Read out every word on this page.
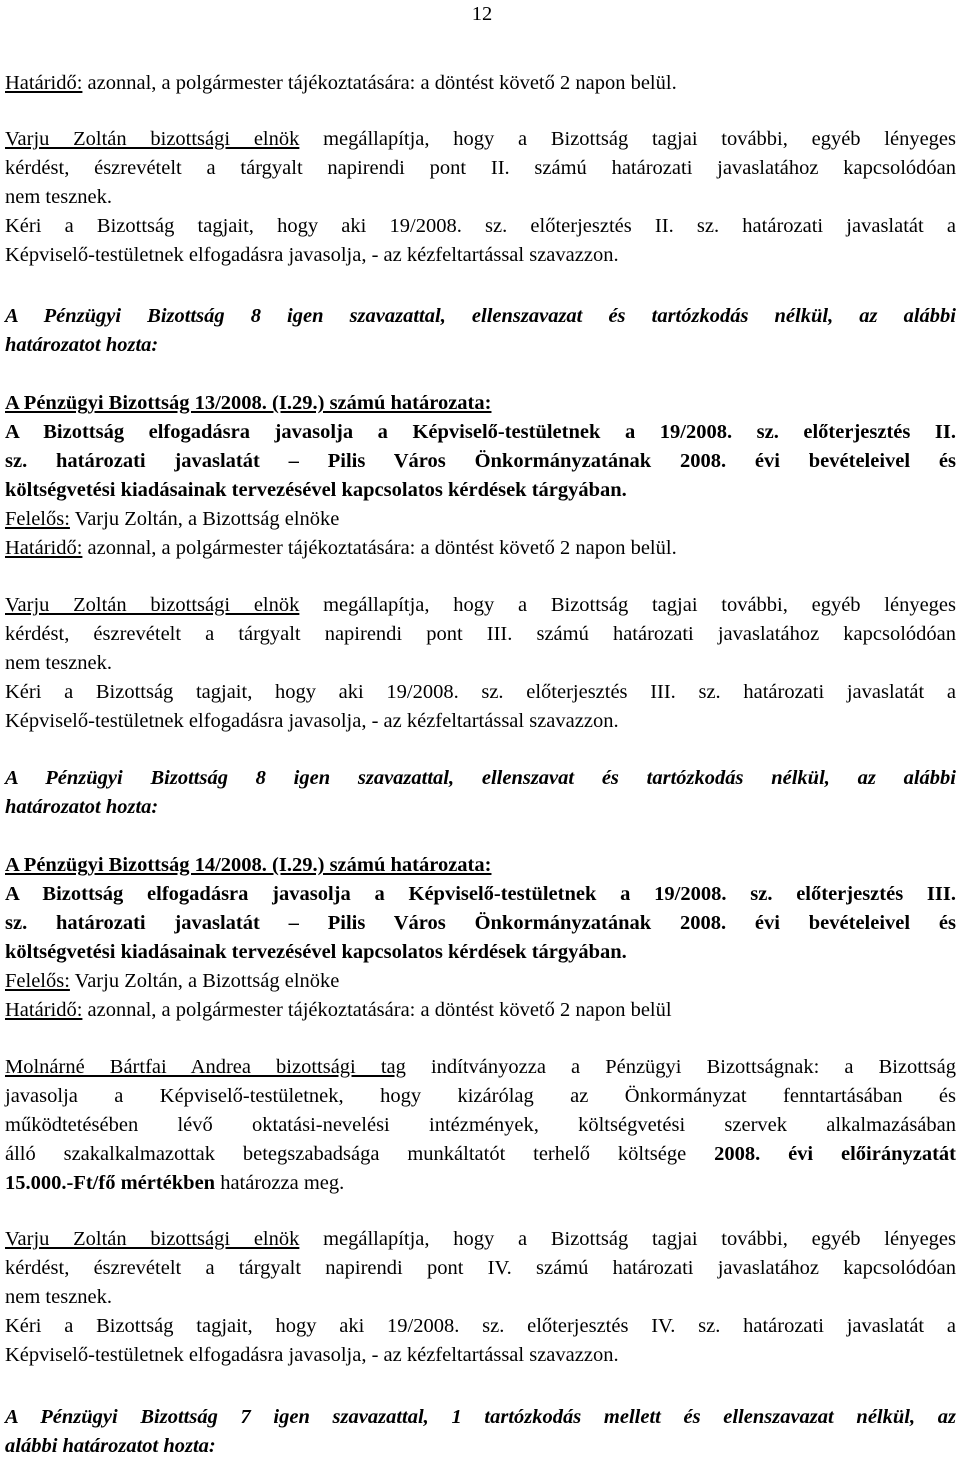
12

Határidő: azonnal, a polgármester tájékoztatására: a döntést követő 2 napon belül.

Varju Zoltán bizottsági elnök megállapítja, hogy a Bizottság tagjai további, egyéb lényeges

kérdést, észrevételt a tárgyalt napirendi pont II. számú határozati javaslatához kapcsolódóan

nem tesznek.

Kéri a Bizottság tagjait, hogy aki 19/2008. sz. előterjesztés II. sz. határozati javaslatát a

Képviselő-testületnek elfogadásra javasolja, - az kézfeltartással szavazzon.

A Pénzügyi Bizottság 8 igen szavazattal, ellenszavazat és tartózkodás nélkül, az alábbi

határozatot hozta:

A Pénzügyi Bizottság 13/2008. (I.29.) számú határozata:

A Bizottság elfogadásra javasolja a Képviselő-testületnek a 19/2008. sz. előterjesztés II.

sz. határozati javaslatát – Pilis Város Önkormányzatának 2008. évi bevételeivel és

költségvetési kiadásainak tervezésével kapcsolatos kérdések tárgyában.

Felelős: Varju Zoltán, a Bizottság elnöke

Határidő: azonnal, a polgármester tájékoztatására: a döntést követő 2 napon belül.

Varju Zoltán bizottsági elnök megállapítja, hogy a Bizottság tagjai további, egyéb lényeges

kérdést, észrevételt a tárgyalt napirendi pont III. számú határozati javaslatához kapcsolódóan

nem tesznek.

Kéri a Bizottság tagjait, hogy aki 19/2008. sz. előterjesztés III. sz. határozati javaslatát a

Képviselő-testületnek elfogadásra javasolja, - az kézfeltartással szavazzon.

A Pénzügyi Bizottság 8 igen szavazattal, ellenszavat és tartózkodás nélkül, az alábbi

határozatot hozta:

A Pénzügyi Bizottság 14/2008. (I.29.) számú határozata:

A Bizottság elfogadásra javasolja a Képviselő-testületnek a 19/2008. sz. előterjesztés III.

sz. határozati javaslatát – Pilis Város Önkormányzatának 2008. évi bevételeivel és

költségvetési kiadásainak tervezésével kapcsolatos kérdések tárgyában.

Felelős: Varju Zoltán, a Bizottság elnöke

Határidő: azonnal, a polgármester tájékoztatására: a döntést követő 2 napon belül

Molnárné Bártfai Andrea bizottsági tag indítványozza a Pénzügyi Bizottságnak: a Bizottság

javasolja a Képviselő-testületnek, hogy kizárólag az Önkormányzat fenntartásában és

működtetésében lévő oktatási-nevelési intézmények, költségvetési szervek alkalmazásában

álló szakalkalmazottak betegszabadsága munkáltatót terhelő költsége 2008. évi előirányzatát

15.000.-Ft/fő mértékben határozza meg.

Varju Zoltán bizottsági elnök megállapítja, hogy a Bizottság tagjai további, egyéb lényeges

kérdést, észrevételt a tárgyalt napirendi pont IV. számú határozati javaslatához kapcsolódóan

nem tesznek.

Kéri a Bizottság tagjait, hogy aki 19/2008. sz. előterjesztés IV. sz. határozati javaslatát a

Képviselő-testületnek elfogadásra javasolja, - az kézfeltartással szavazzon.

A Pénzügyi Bizottság 7 igen szavazattal, 1 tartózkodás mellett és ellenszavazat nélkül, az

alábbi határozatot hozta:
